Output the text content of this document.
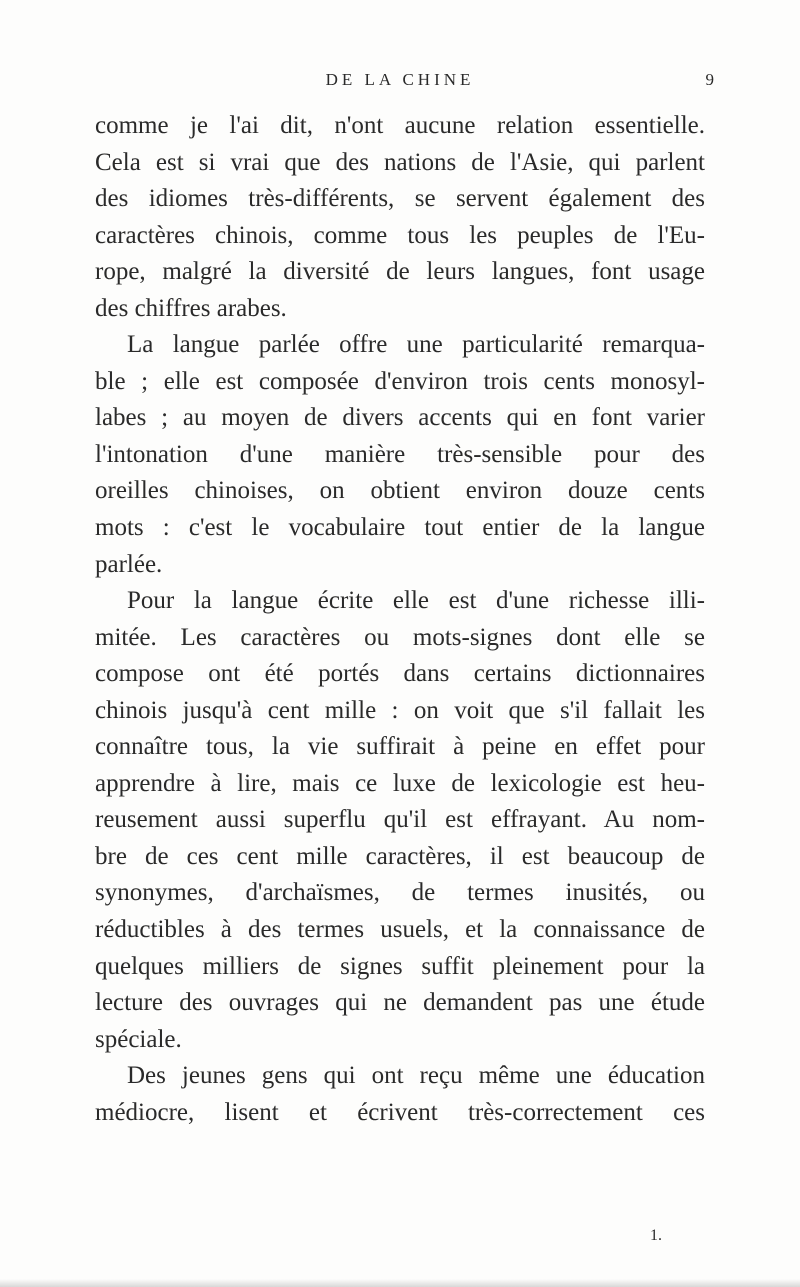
DE LA CHINE	9
comme je l'ai dit, n'ont aucune relation essentielle.
Cela est si vrai que des nations de l'Asie, qui parlent
des idiomes très-différents, se servent également des
caractères chinois, comme tous les peuples de l'Eu-
rope, malgré la diversité de leurs langues, font usage
des chiffres arabes.
La langue parlée offre une particularité remarqua-
ble ; elle est composée d'environ trois cents monosyl-
labes ; au moyen de divers accents qui en font varier
l'intonation d'une manière très-sensible pour des
oreilles chinoises, on obtient environ douze cents
mots : c'est le vocabulaire tout entier de la langue
parlée.
Pour la langue écrite elle est d'une richesse illi-
mitée. Les caractères ou mots-signes dont elle se
compose ont été portés dans certains dictionnaires
chinois jusqu'à cent mille : on voit que s'il fallait les
connaître tous, la vie suffirait à peine en effet pour
apprendre à lire, mais ce luxe de lexicologie est heu-
reusement aussi superflu qu'il est effrayant. Au nom-
bre de ces cent mille caractères, il est beaucoup de
synonymes, d'archaïsmes, de termes inusités, ou
réductibles à des termes usuels, et la connaissance de
quelques milliers de signes suffit pleinement pour la
lecture des ouvrages qui ne demandent pas une étude
spéciale.
Des jeunes gens qui ont reçu même une éducation
médiocre, lisent et écrivent très-correctement ces
1.
